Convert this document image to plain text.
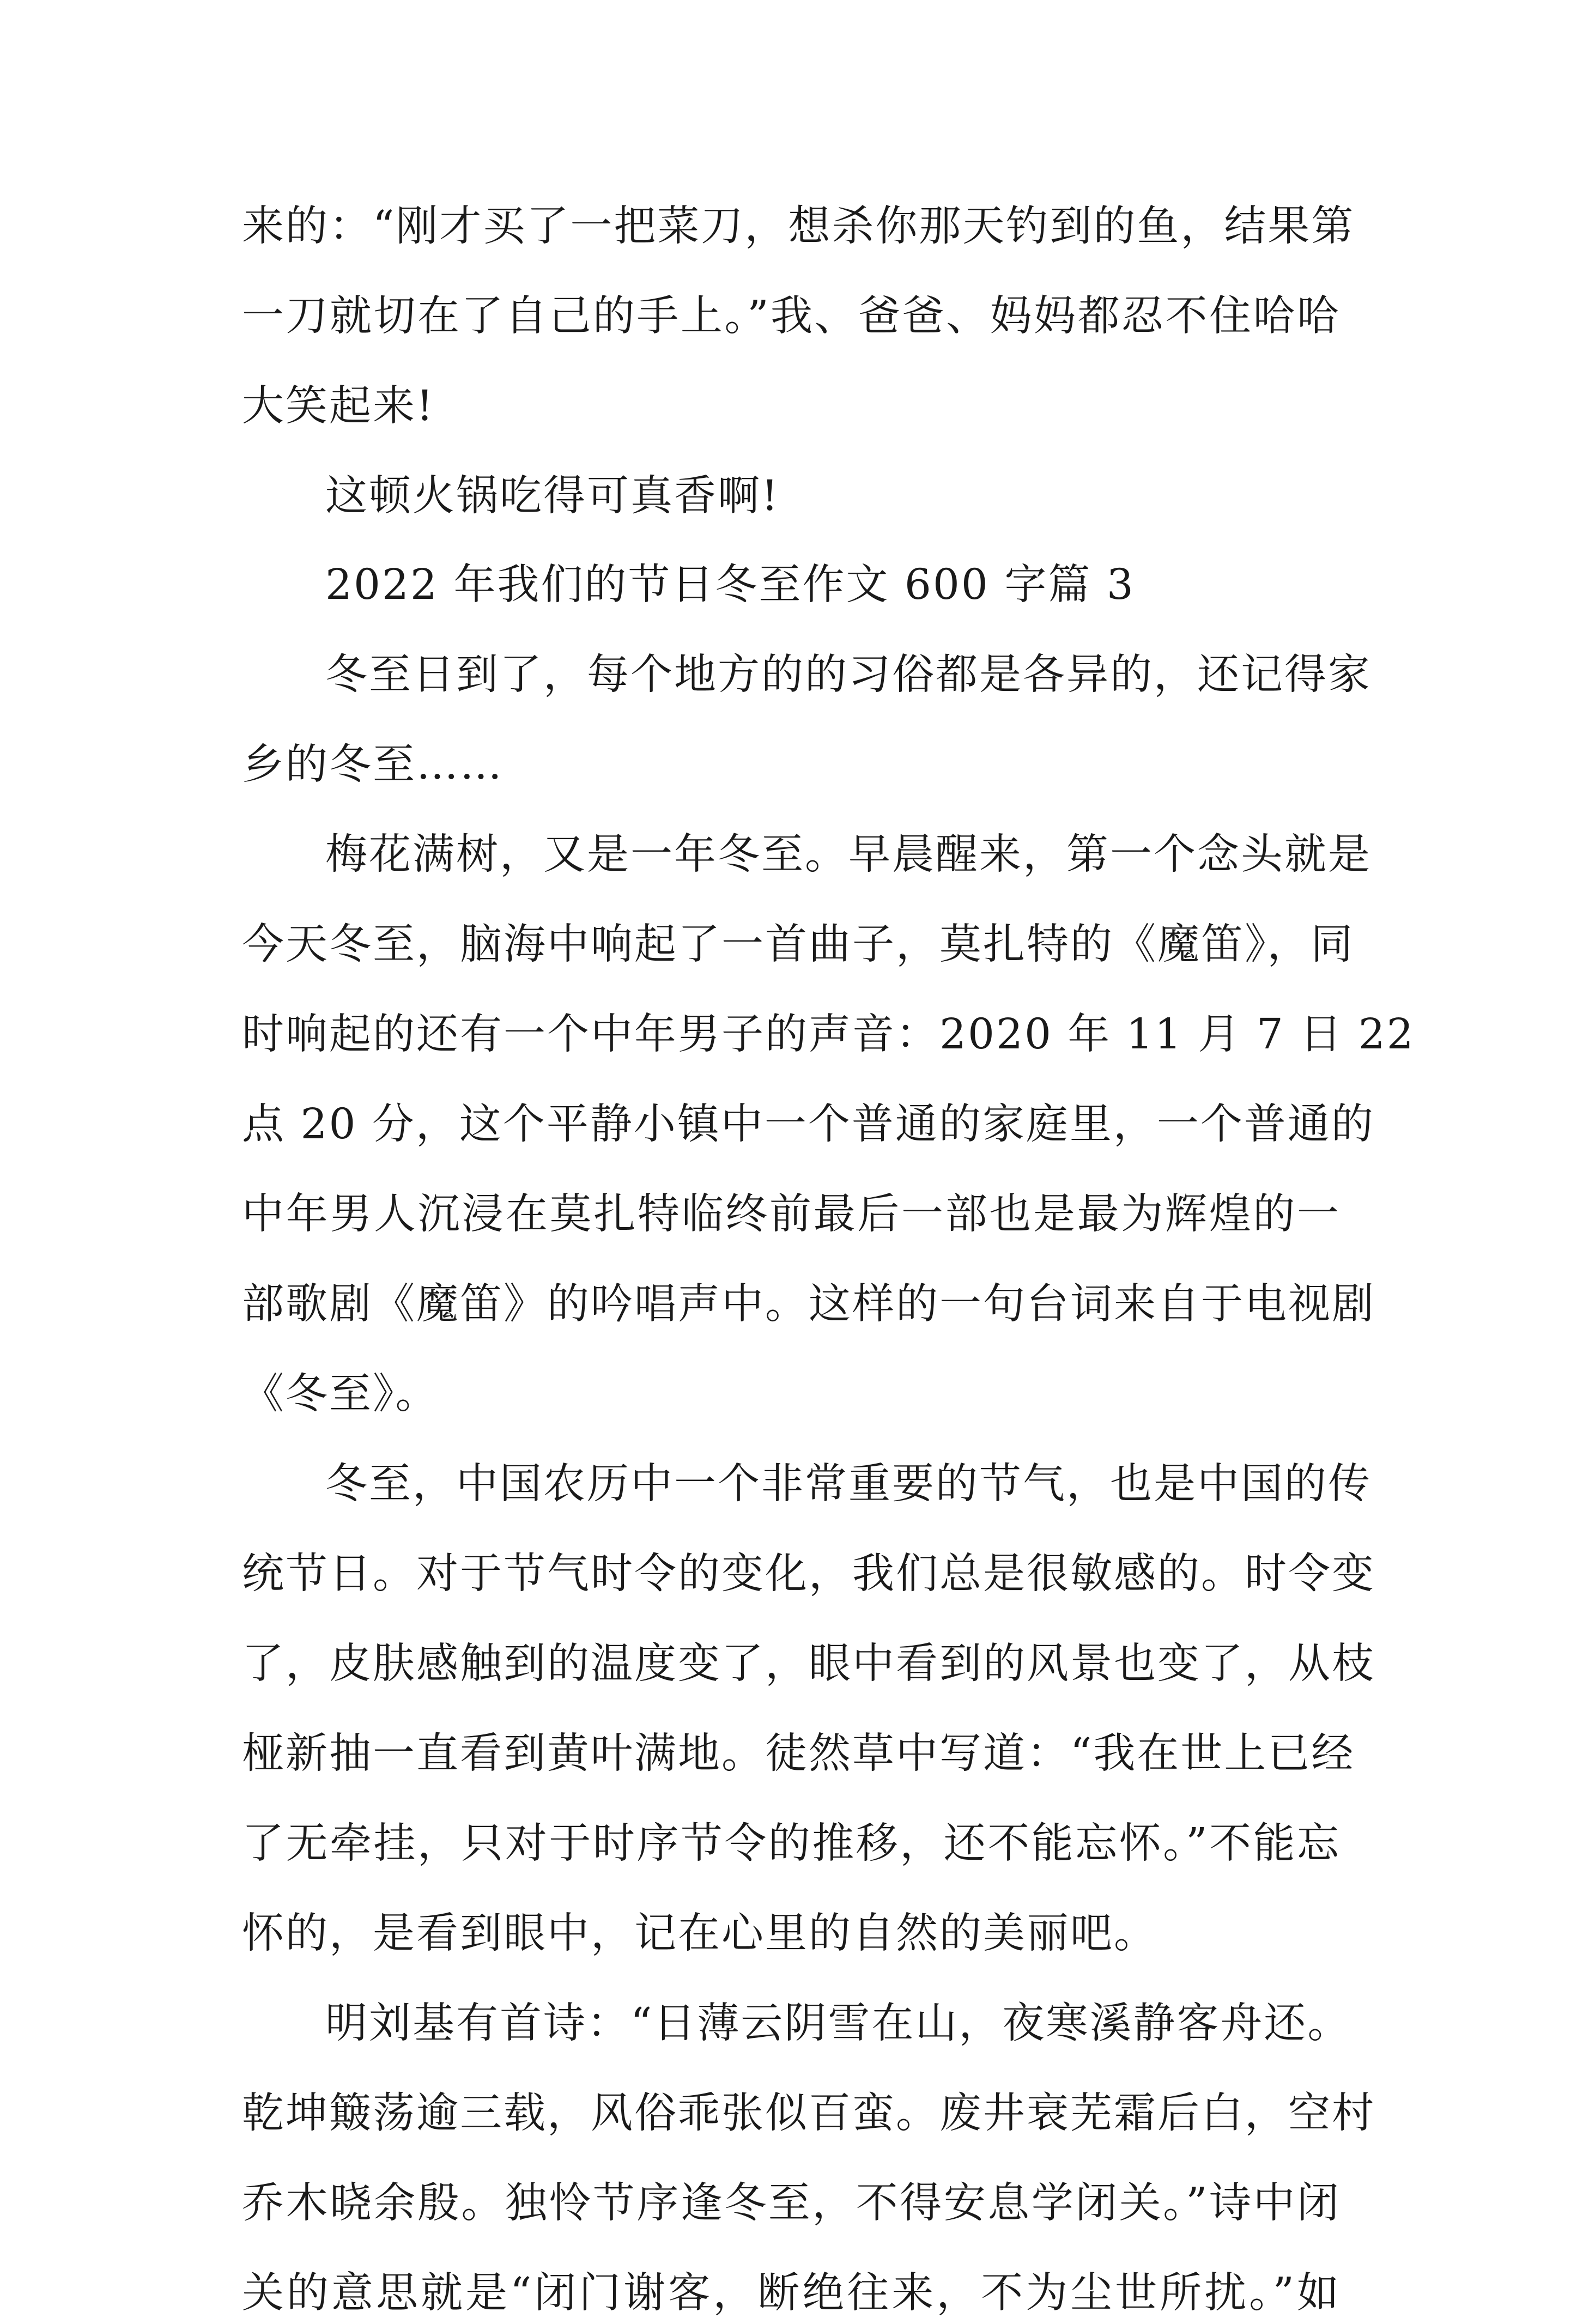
来的：“刚才买了一把菜刀，想杀你那天钓到的鱼，结果第
一刀就切在了自己的手上。”我、爸爸、妈妈都忍不住哈哈
大笑起来!
这顿火锅吃得可真香啊!
2022 年我们的节日冬至作文 600 字篇 3
冬至日到了，每个地方的的习俗都是各异的，还记得家
乡的冬至……
梅花满树，又是一年冬至。早晨醒来，第一个念头就是
今天冬至，脑海中响起了一首曲子，莫扎特的《魔笛》，同
时响起的还有一个中年男子的声音：2020 年 11 月 7 日 22
点 20 分，这个平静小镇中一个普通的家庭里，一个普通的
中年男人沉浸在莫扎特临终前最后一部也是最为辉煌的一
部歌剧《魔笛》的吟唱声中。这样的一句台词来自于电视剧
《冬至》。
冬至，中国农历中一个非常重要的节气，也是中国的传
统节日。对于节气时令的变化，我们总是很敏感的。时令变
了，皮肤感触到的温度变了，眼中看到的风景也变了，从枝
桠新抽一直看到黄叶满地。徒然草中写道：“我在世上已经
了无牵挂，只对于时序节令的推移，还不能忘怀。”不能忘
怀的，是看到眼中，记在心里的自然的美丽吧。
明刘基有首诗：“日薄云阴雪在山，夜寒溪静客舟还。
乾坤簸荡逾三载，风俗乖张似百蛮。废井衰芜霜后白，空村
乔木晓余殷。独怜节序逢冬至，不得安息学闭关。”诗中闭
关的意思就是“闭门谢客，断绝往来，不为尘世所扰。”如
